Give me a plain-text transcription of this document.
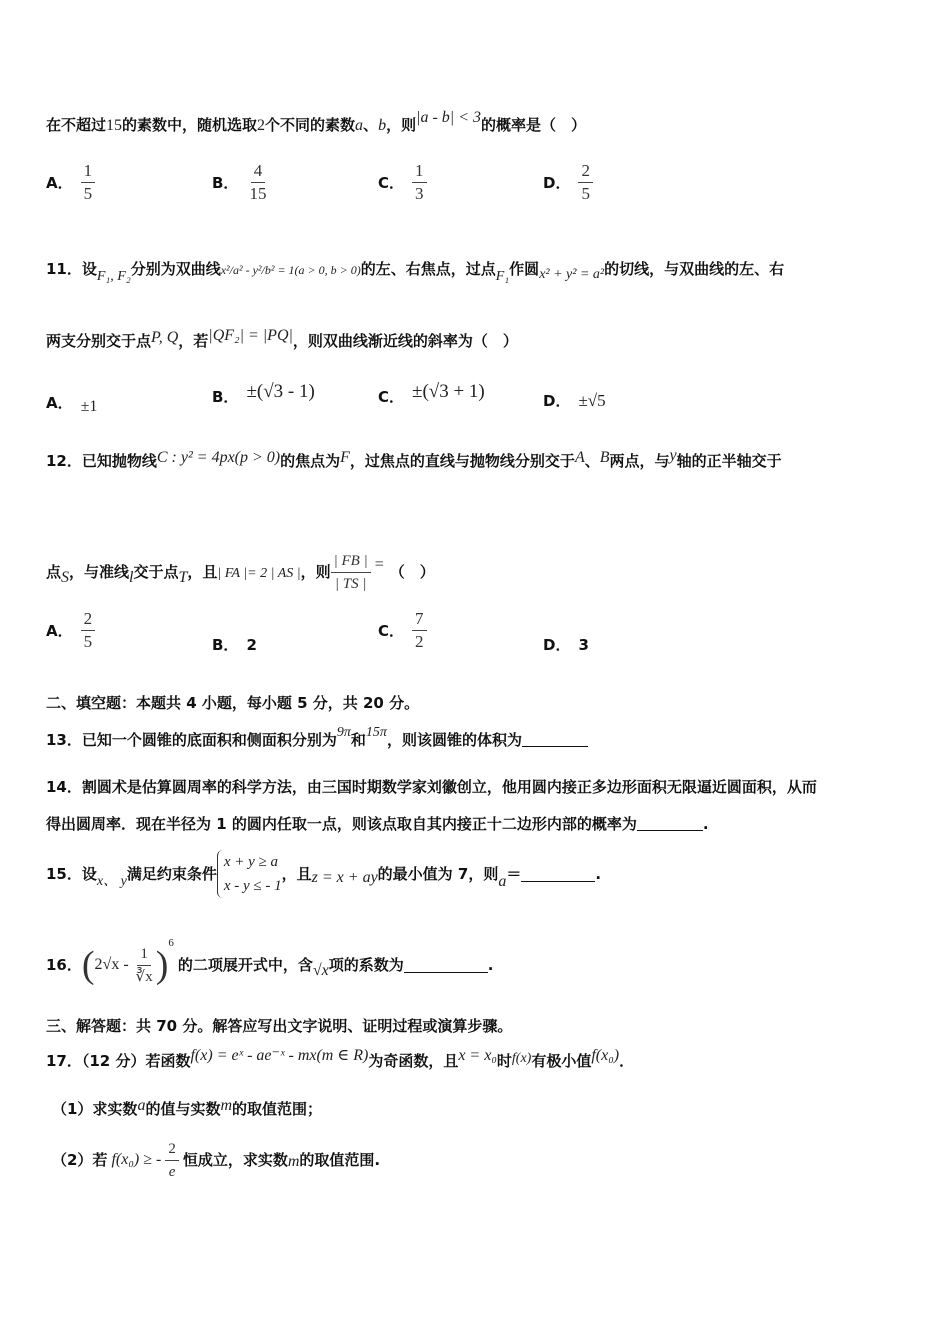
在不超过15的素数中，随机选取2个不同的素数a、b，则|a - b| < 3的概率是（　）
A． $\frac{1}{5}$	B． $\frac{4}{15}$	C． $\frac{1}{3}$	D． $\frac{2}{5}$
11．设F₁, F₂分别为双曲线x²/a² - y²/b² = 1(a > 0, b > 0)的左、右焦点，过点F₁作圆x² + y² = a²的切线，与双曲线的左、右
两支分别交于点P, Q，若|QF₂| = |PQ|，则双曲线渐近线的斜率为（　）
A． ±1
B． ±(√3 - 1)	C． ±(√3 + 1)	D． ±√5
12．已知抛物线C : y² = 4px(p > 0)的焦点为F，过焦点的直线与抛物线分别交于A、B两点，与y轴的正半轴交于
点S，与准线l交于点T，且| FA |= 2 | AS |，则 $\frac{| FB |}{| TS |}$ = （　）
A． $\frac{2}{5}$	B． 2
C． $\frac{7}{2}$	D． 3
二、填空题：本题共 4 小题，每小题 5 分，共 20 分。
13．已知一个圆锥的底面积和侧面积分别为9π和15π，则该圆锥的体积为
14．割圆术是估算圆周率的科学方法，由三国时期数学家刘徽创立，他用圆内接正多边形面积无限逼近圆面积，从而
得出圆周率．现在半径为 1 的圆内任取一点，则该点取自其内接正十二边形内部的概率为	.
15．设 x、 y 满足约束条件
x + y ≥ a
x - y ≤ - 1
，且 z = x + ay 的最小值为 7，则 a ＝	.
16． ( $2√x - \frac{1}{∛x}$ )
6
的二项展开式中，含 √x 项的系数为	.
三、解答题：共 70 分。解答应写出文字说明、证明过程或演算步骤。
17．（12 分）若函数f(x) = eˣ - ae⁻ˣ - mx(m ∈ R)为奇函数，且x = x₀时f(x)有极小值f(x₀)．
（1）求实数a的值与实数m的取值范围；
（2）若 f(x₀) ≥ - $\frac{2}{e}$ 恒成立，求实数 m 的取值范围.
